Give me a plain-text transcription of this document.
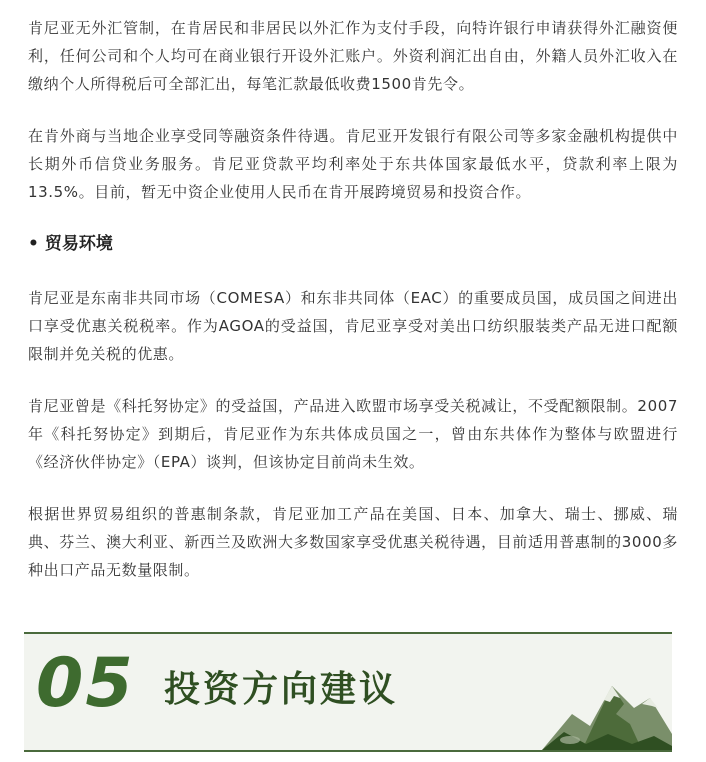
肯尼亚无外汇管制，在肯居民和非居民以外汇作为支付手段，向特许银行申请获得外汇融资便利，任何公司和个人均可在商业银行开设外汇账户。外资利润汇出自由，外籍人员外汇收入在缴纳个人所得税后可全部汇出，每笔汇款最低收费1500肯先令。

在肯外商与当地企业享受同等融资条件待遇。肯尼亚开发银行有限公司等多家金融机构提供中长期外币信贷业务服务。肯尼亚贷款平均利率处于东共体国家最低水平，贷款利率上限为13.5%。目前，暂无中资企业使用人民币在肯开展跨境贸易和投资合作。

• 贸易环境

肯尼亚是东南非共同市场（COMESA）和东非共同体（EAC）的重要成员国，成员国之间进出口享受优惠关税税率。作为AGOA的受益国，肯尼亚享受对美出口纺织服装类产品无进口配额限制并免关税的优惠。

肯尼亚曾是《科托努协定》的受益国，产品进入欧盟市场享受关税减让，不受配额限制。2007年《科托努协定》到期后，肯尼亚作为东共体成员国之一，曾由东共体作为整体与欧盟进行《经济伙伴协定》（EPA）谈判，但该协定目前尚未生效。

根据世界贸易组织的普惠制条款，肯尼亚加工产品在美国、日本、加拿大、瑞士、挪威、瑞典、芬兰、澳大利亚、新西兰及欧洲大多数国家享受优惠关税待遇，目前适用普惠制的3000多种出口产品无数量限制。

05 投资方向建议
